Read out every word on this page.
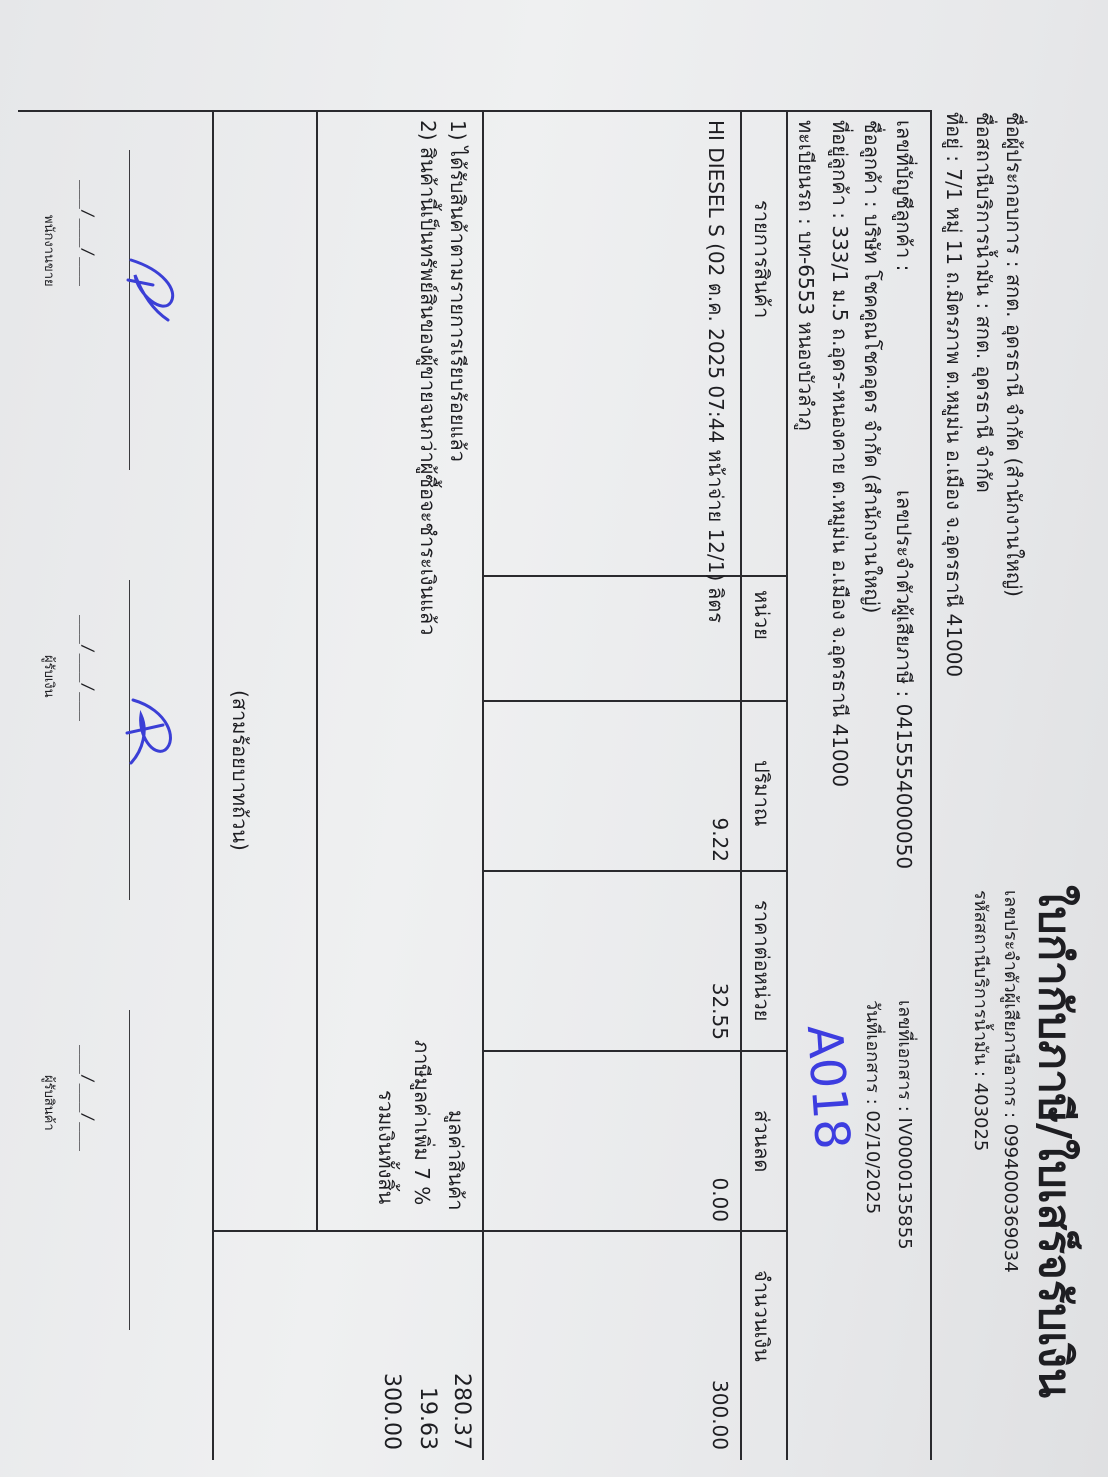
ใบกำกับภาษี/ใบเสร็จรับเงิน
เลขประจำตัวผู้เสียภาษีอากร : 0994000369034
รหัสสถานีบริการน้ำมัน : 403025
ชื่อผู้ประกอบการ : สกต. อุดรธานี จำกัด (สำนักงานใหญ่)
ชื่อสถานีบริการน้ำมัน : สกต. อุดรธานี จำกัด
ที่อยู่ : 7/1 หมู่ 11 ถ.มิตรภาพ ต.หมูม่น อ.เมือง จ.อุดรธานี 41000
เลขที่บัญชีลูกค้า :
เลขประจำตัวผู้เสียภาษี : 0415554000050
เลขที่เอกสาร : IV0000135855
ชื่อลูกค้า : บริษัท โชคคูณโชคอุดร จำกัด (สำนักงานใหญ่)
วันที่เอกสาร : 02/10/2025
ที่อยู่ลูกค้า : 333/1 ม.5 ถ.อุดร-หนองคาย ต.หมูม่น อ.เมือง จ.อุดรธานี 41000
ทะเบียนรถ : บท-6553 หนองบัวลำภู
A018
รายการสินค้า
หน่วย
ปริมาณ
ราคาต่อหน่วย
ส่วนลด
จำนวนเงิน
HI DIESEL S (02 ต.ค. 2025 07:44 หน้าจ่าย 12/1)
ลิตร
9.22
32.55
0.00
300.00
1) ได้รับสินค้าตามรายการเรียบร้อยแล้ว
2) สินค้านี้เป็นทรัพย์สินของผู้ขายจนกว่าผู้ซื้อจะชำระเงินแล้ว
มูลค่าสินค้า
280.37
ภาษีมูลค่าเพิ่ม 7 %
19.63
รวมเงินทั้งสิ้น
300.00
(สามร้อยบาทถ้วน)
___/___/___
___/___/___
___/___/___
พนักงานขาย
ผู้รับเงิน
ผู้รับสินค้า
